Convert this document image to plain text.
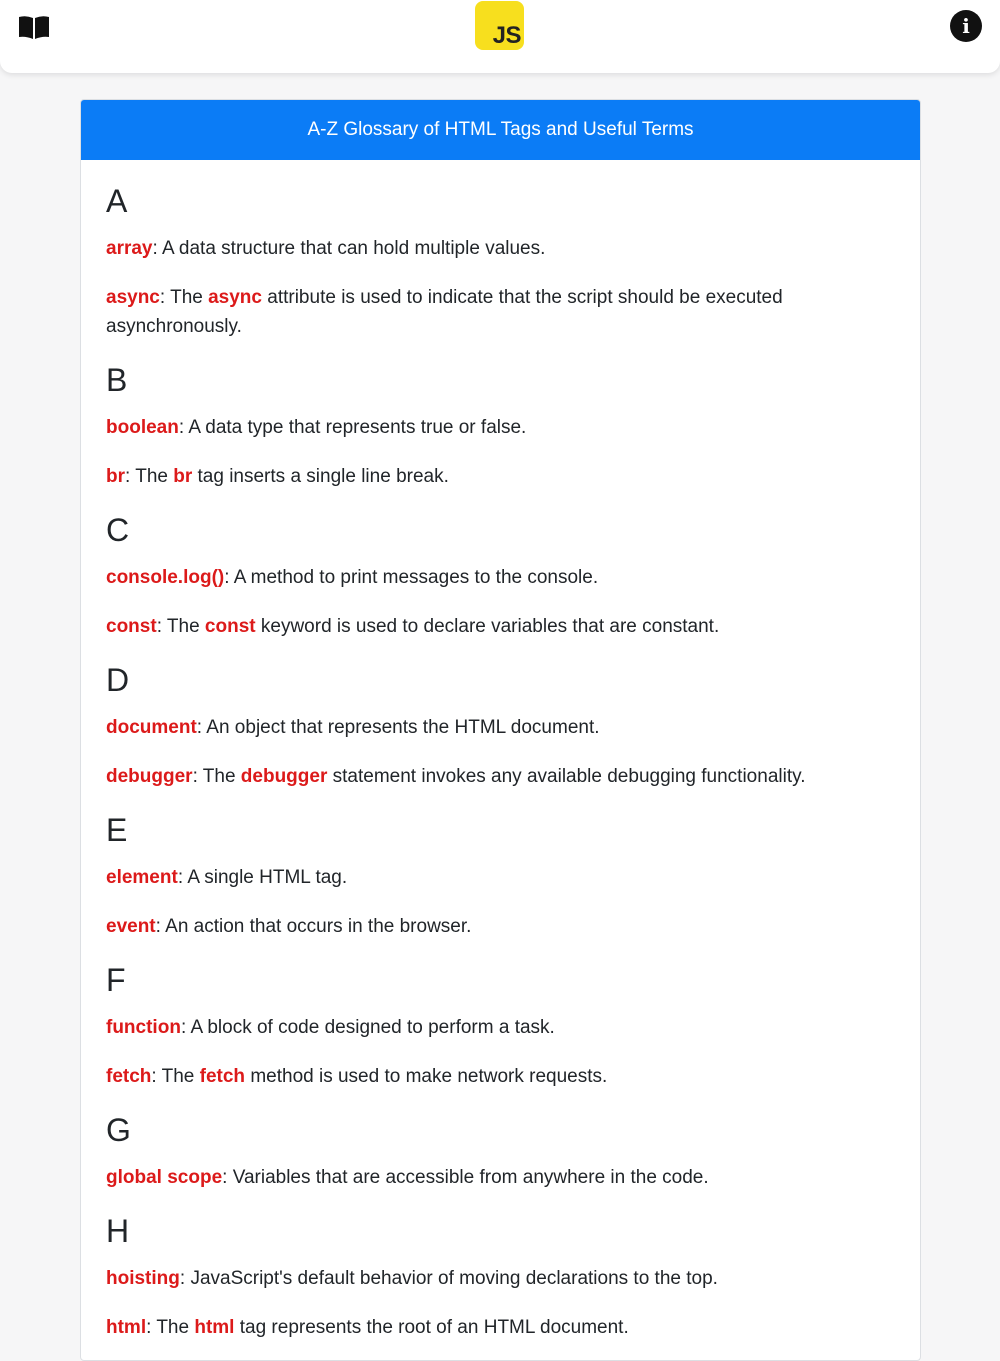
JS	i
A-Z Glossary of HTML Tags and Useful Terms
A
array: A data structure that can hold multiple values.
async: The async attribute is used to indicate that the script should be executed asynchronously.
B
boolean: A data type that represents true or false.
br: The br tag inserts a single line break.
C
console.log(): A method to print messages to the console.
const: The const keyword is used to declare variables that are constant.
D
document: An object that represents the HTML document.
debugger: The debugger statement invokes any available debugging functionality.
E
element: A single HTML tag.
event: An action that occurs in the browser.
F
function: A block of code designed to perform a task.
fetch: The fetch method is used to make network requests.
G
global scope: Variables that are accessible from anywhere in the code.
H
hoisting: JavaScript's default behavior of moving declarations to the top.
html: The html tag represents the root of an HTML document.
